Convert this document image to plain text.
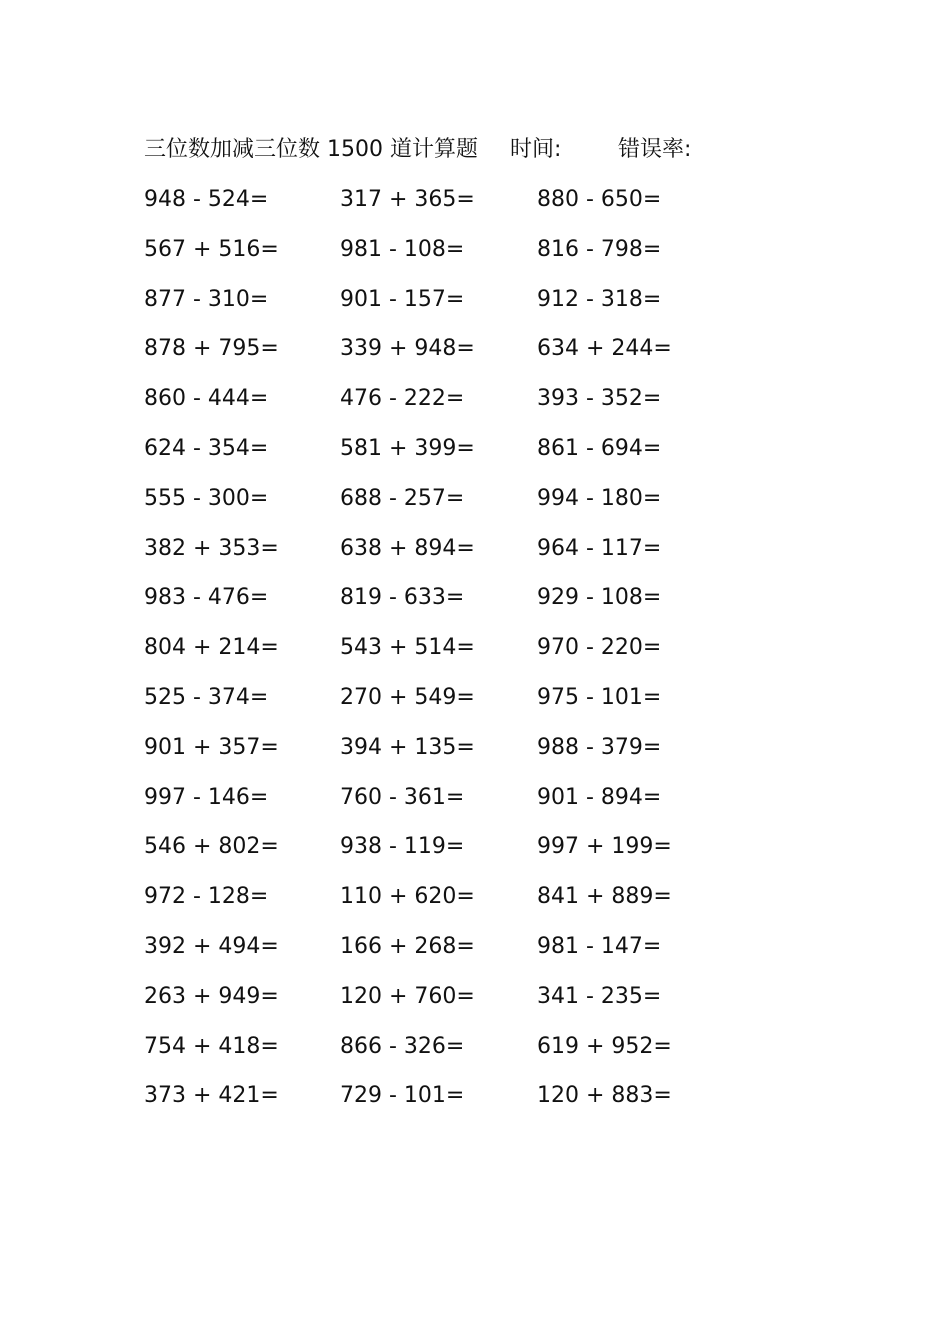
三位数加减三位数 1500 道计算题 时间:	错误率:
948 - 524=	317 + 365=	880 - 650=
567 + 516=	981 - 108=	816 - 798=
877 - 310=	901 - 157=	912 - 318=
878 + 795=	339 + 948=	634 + 244=
860 - 444=	476 - 222=	393 - 352=
624 - 354=	581 + 399=	861 - 694=
555 - 300=	688 - 257=	994 - 180=
382 + 353=	638 + 894=	964 - 117=
983 - 476=	819 - 633=	929 - 108=
804 + 214=	543 + 514=	970 - 220=
525 - 374=	270 + 549=	975 - 101=
901 + 357=	394 + 135=	988 - 379=
997 - 146=	760 - 361=	901 - 894=
546 + 802=	938 - 119=	997 + 199=
972 - 128=	110 + 620=	841 + 889=
392 + 494=	166 + 268=	981 - 147=
263 + 949=	120 + 760=	341 - 235=
754 + 418=	866 - 326=	619 + 952=
373 + 421=	729 - 101=	120 + 883=
